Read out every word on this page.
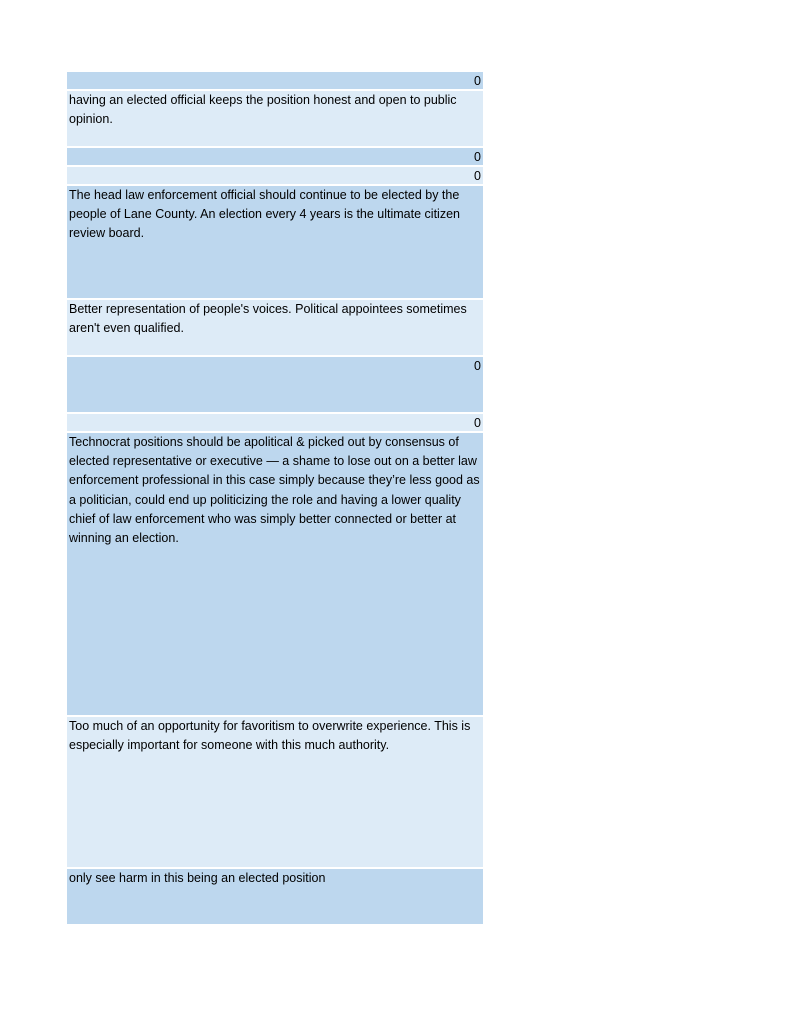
0
having an elected official keeps the position honest and open to public opinion.
0
0
The head law enforcement official should continue to be elected by the people of Lane County. An election every 4 years is the ultimate citizen review board.
Better representation of people's voices. Political appointees sometimes aren't even qualified.
0
0
Technocrat positions should be apolitical & picked out by consensus of elected representative or executive — a shame to lose out on a better law enforcement professional in this case simply because they’re less good as a politician, could end up politicizing the role and having a lower quality chief of law enforcement who was simply better connected or better at winning an election.
Too much of an opportunity for favoritism to overwrite experience. This is especially important for someone with this much authority.
only see harm in this being an elected position
